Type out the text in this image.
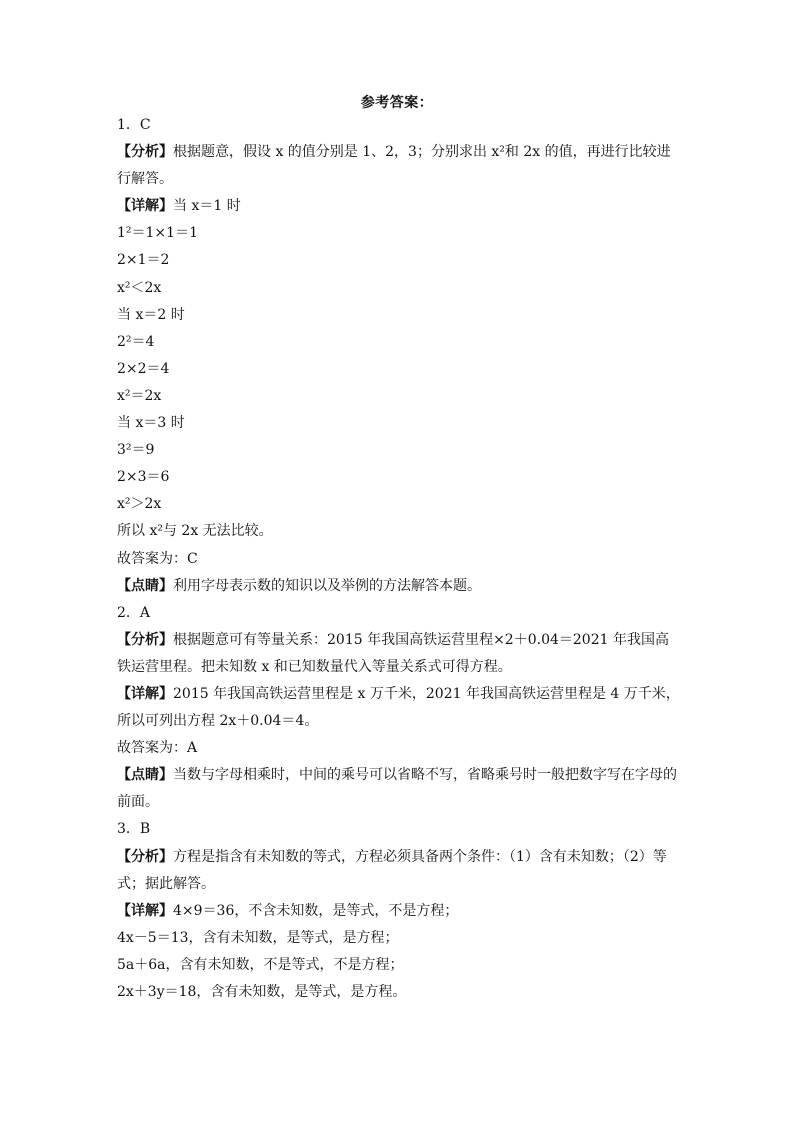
参考答案：
1．C
【分析】根据题意，假设 x 的值分别是 1、2，3；分别求出 x²和 2x 的值，再进行比较进行解答。
【详解】当 x＝1 时
1²＝1×1＝1
2×1＝2
x²＜2x
当 x＝2 时
2²＝4
2×2＝4
x²＝2x
当 x＝3 时
3²＝9
2×3＝6
x²＞2x
所以 x²与 2x 无法比较。
故答案为：C
【点睛】利用字母表示数的知识以及举例的方法解答本题。
2．A
【分析】根据题意可有等量关系：2015 年我国高铁运营里程×2＋0.04＝2021 年我国高铁运营里程。把未知数 x 和已知数量代入等量关系式可得方程。
【详解】2015 年我国高铁运营里程是 x 万千米，2021 年我国高铁运营里程是 4 万千米，所以可列出方程 2x＋0.04＝4。
故答案为：A
【点睛】当数与字母相乘时，中间的乘号可以省略不写，省略乘号时一般把数字写在字母的前面。
3．B
【分析】方程是指含有未知数的等式，方程必须具备两个条件：（1）含有未知数；（2）等式；据此解答。
【详解】4×9＝36，不含未知数，是等式，不是方程；
4x－5＝13，含有未知数，是等式，是方程；
5a＋6a，含有未知数，不是等式，不是方程；
2x＋3y＝18，含有未知数，是等式，是方程。
